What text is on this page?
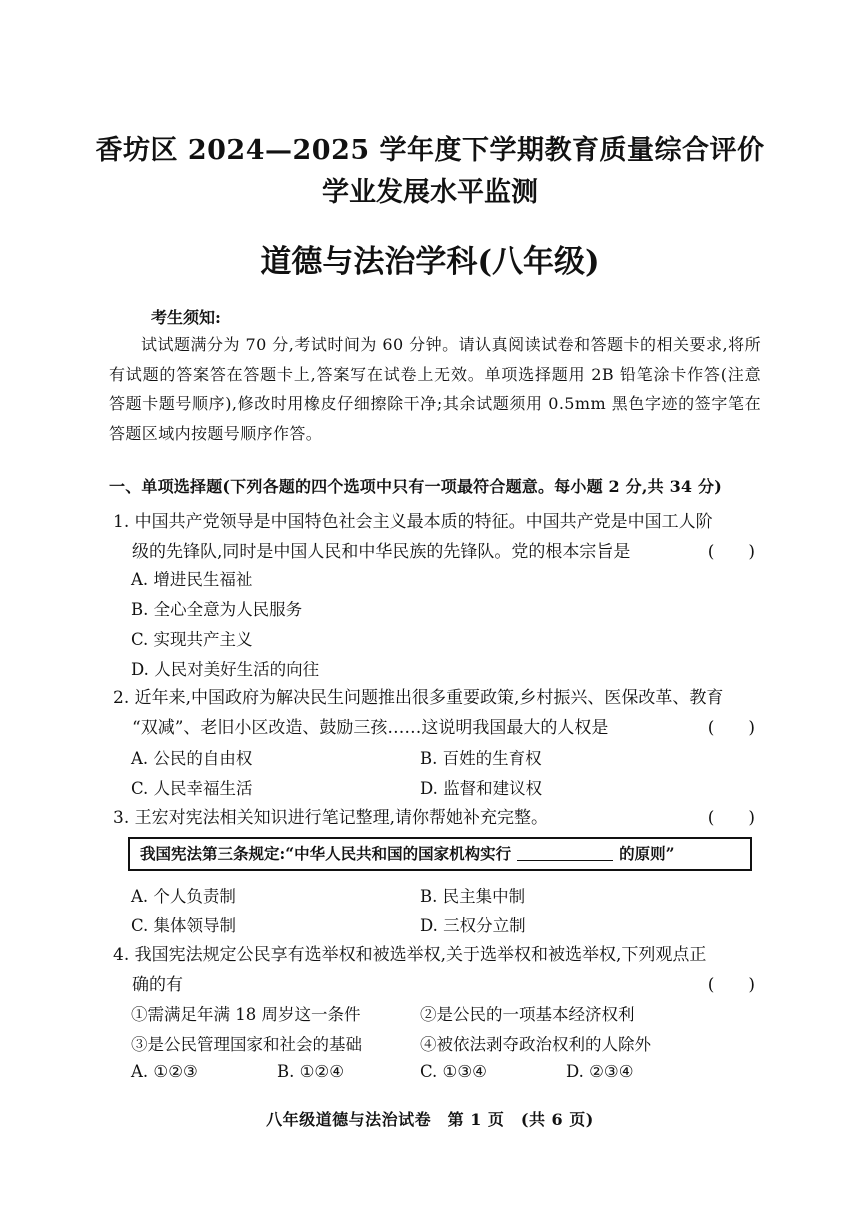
香坊区 2024—2025 学年度下学期教育质量综合评价
学业发展水平监测
道德与法治学科(八年级)
考生须知:
试试题满分为 70 分,考试时间为 60 分钟。请认真阅读试卷和答题卡的相关要求,将所有试题的答案答在答题卡上,答案写在试卷上无效。单项选择题用 2B 铅笔涂卡作答(注意答题卡题号顺序),修改时用橡皮仔细擦除干净;其余试题须用 0.5mm 黑色字迹的签字笔在答题区域内按题号顺序作答。
一、单项选择题(下列各题的四个选项中只有一项最符合题意。每小题 2 分,共 34 分)
1. 中国共产党领导是中国特色社会主义最本质的特征。中国共产党是中国工人阶
级的先锋队,同时是中国人民和中华民族的先锋队。党的根本宗旨是	(　　)
A. 增进民生福祉
B. 全心全意为人民服务
C. 实现共产主义
D. 人民对美好生活的向往
2. 近年来,中国政府为解决民生问题推出很多重要政策,乡村振兴、医保改革、教育
“双减”、老旧小区改造、鼓励三孩……这说明我国最大的人权是	(　　)
A. 公民的自由权	B. 百姓的生育权
C. 人民幸福生活	D. 监督和建议权
3. 王宏对宪法相关知识进行笔记整理,请你帮她补充完整。	(　　)
我国宪法第三条规定:“中华人民共和国的国家机构实行	的原则”
A. 个人负责制	B. 民主集中制
C. 集体领导制	D. 三权分立制
4. 我国宪法规定公民享有选举权和被选举权,关于选举权和被选举权,下列观点正
确的有	(　　)
①需满足年满 18 周岁这一条件	②是公民的一项基本经济权利
③是公民管理国家和社会的基础	④被依法剥夺政治权利的人除外
A. ①②③	B. ①②④	C. ①③④	D. ②③④
八年级道德与法治试卷　第 1 页　(共 6 页)
